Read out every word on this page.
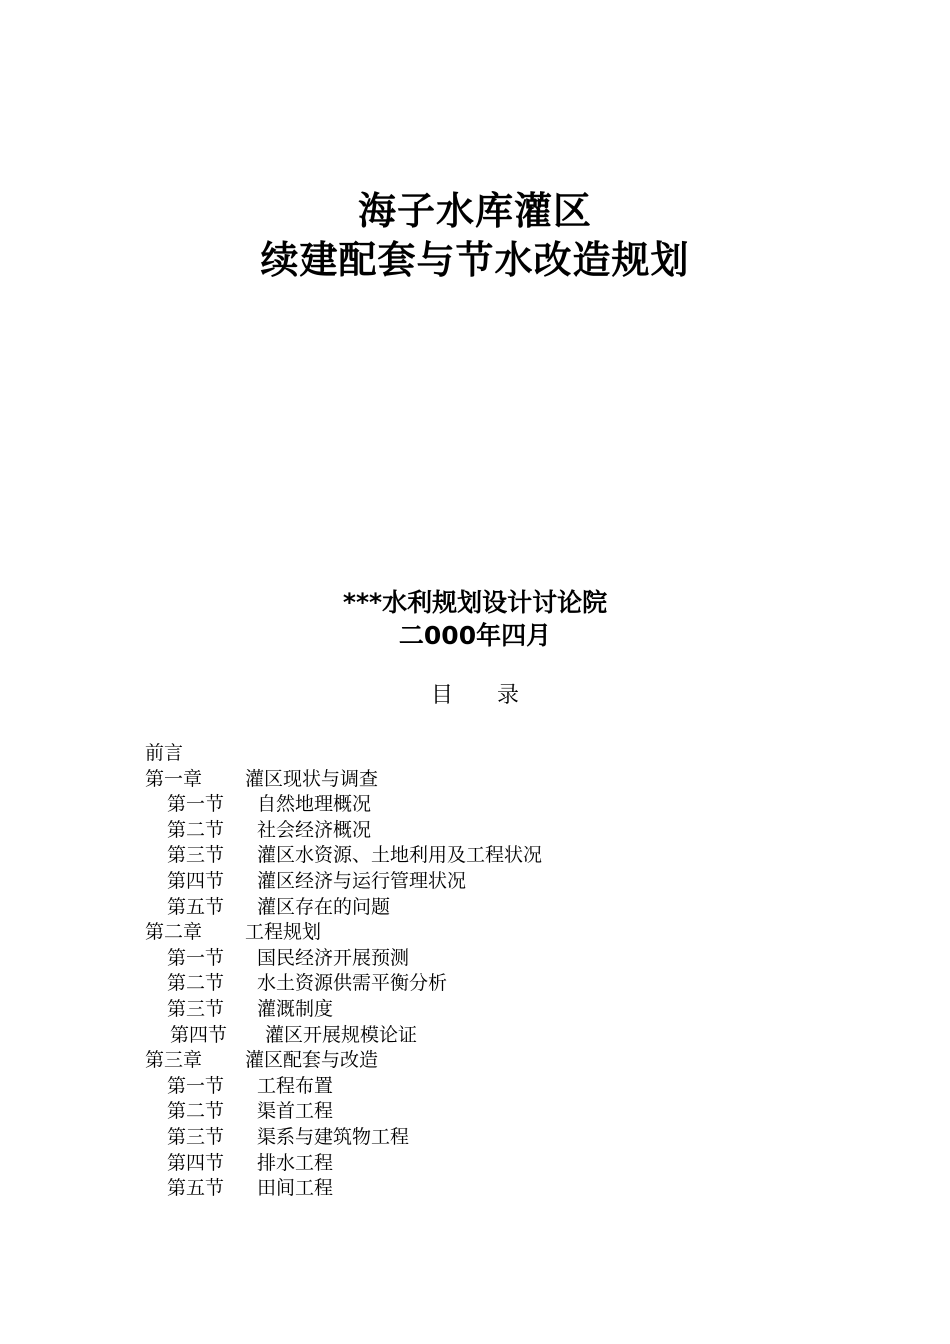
海子水库灌区
续建配套与节水改造规划
***水利规划设计讨论院
二000年四月
目 录
前言
第一章 灌区现状与调查
第一节 自然地理概况
第二节 社会经济概况
第三节 灌区水资源、土地利用及工程状况
第四节 灌区经济与运行管理状况
第五节 灌区存在的问题
第二章 工程规划
第一节 国民经济开展预测
第二节 水土资源供需平衡分析
第三节 灌溉制度
第四节 灌区开展规模论证
第三章 灌区配套与改造
第一节 工程布置
第二节 渠首工程
第三节 渠系与建筑物工程
第四节 排水工程
第五节 田间工程
